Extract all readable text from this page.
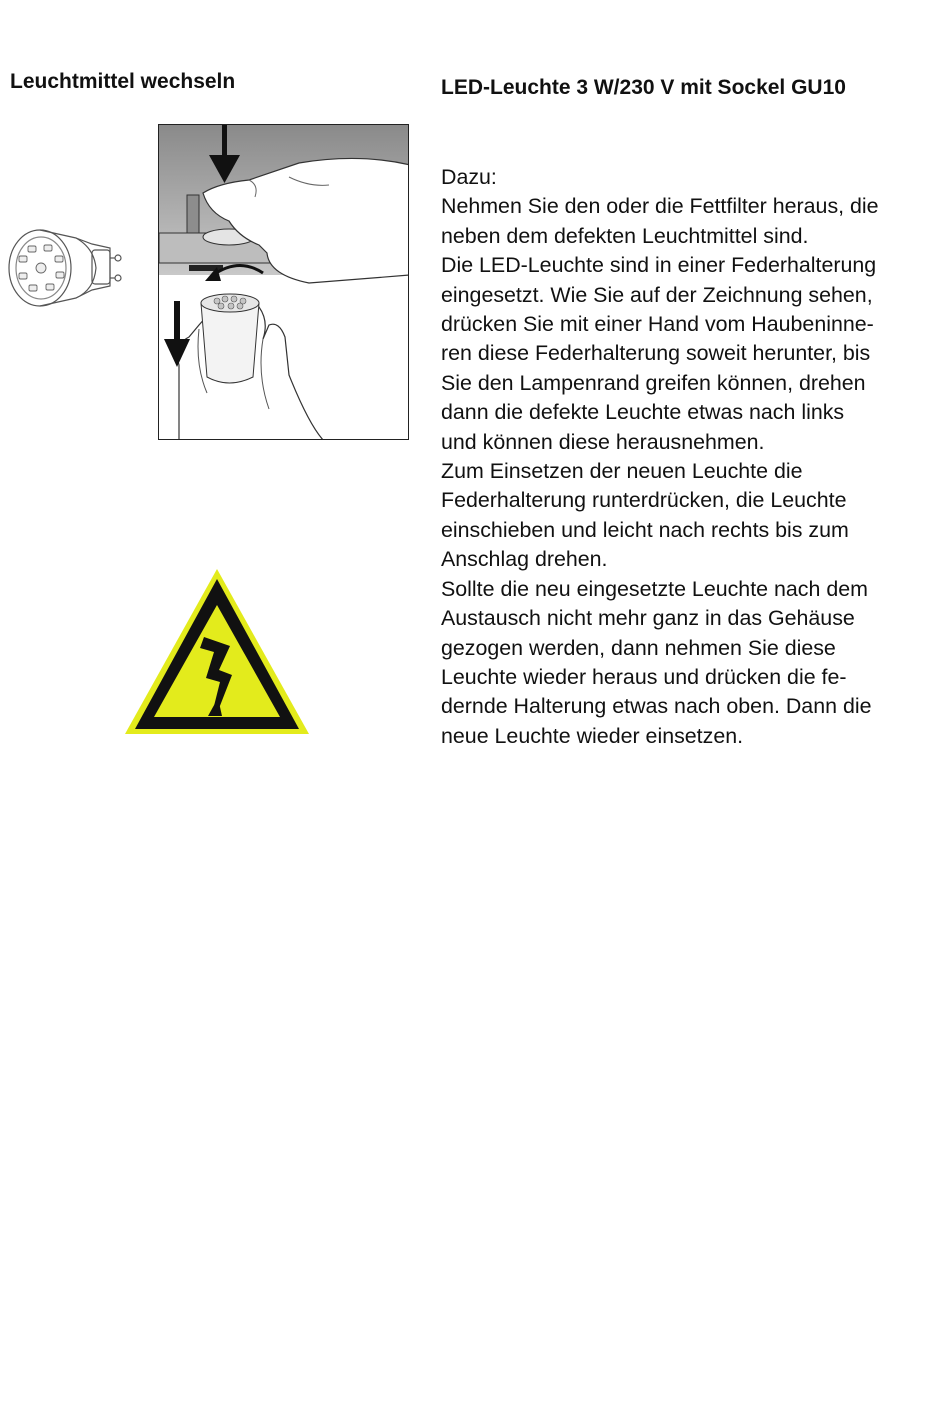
Leuchtmittel wechseln	LED-Leuchte 3 W/230 V mit Sockel GU10

Dazu:

Nehmen Sie den oder die Fettfilter heraus, die

neben dem defekten Leuchtmittel sind.

Die LED-Leuchte sind in einer Federhalterung

eingesetzt. Wie Sie auf der Zeichnung sehen,

drücken Sie mit einer Hand vom Haubeninne-

ren diese Federhalterung soweit herunter, bis

Sie den Lampenrand greifen können, drehen

dann die defekte Leuchte etwas nach links

und können diese herausnehmen.

Zum Einsetzen der neuen Leuchte die

Federhalterung runterdrücken, die Leuchte

einschieben und leicht nach rechts bis zum

Anschlag drehen.

Sollte die neu eingesetzte Leuchte nach dem

Austausch nicht mehr ganz in das Gehäuse

gezogen werden, dann nehmen Sie diese

Leuchte wieder heraus und drücken die fe-

dernde Halterung etwas nach oben. Dann die

neue Leuchte wieder einsetzen.
